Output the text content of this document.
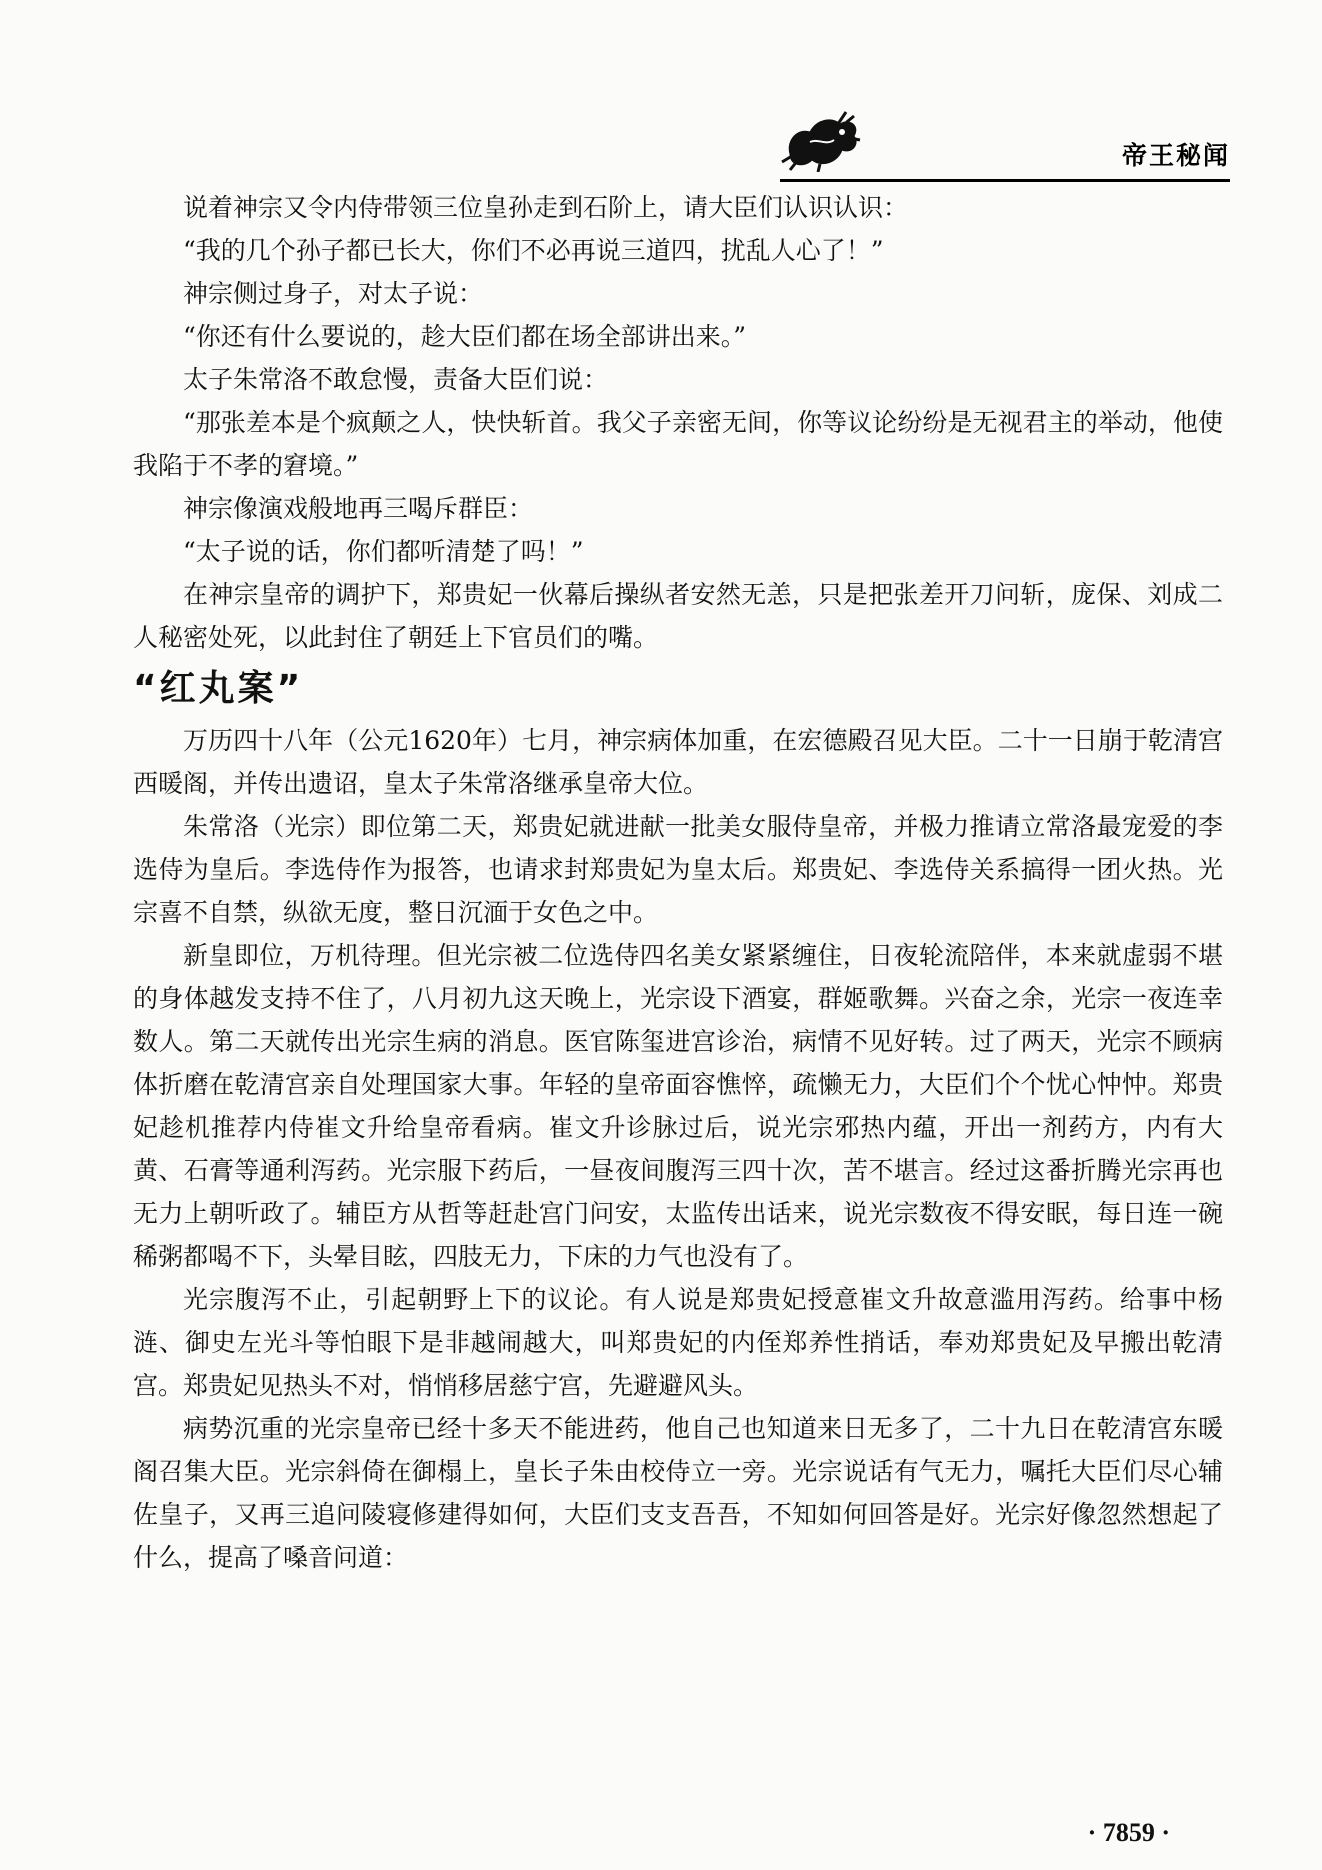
帝王秘闻

说着神宗又令内侍带领三位皇孙走到石阶上，请大臣们认识认识：

“我的几个孙子都已长大，你们不必再说三道四，扰乱人心了！”

神宗侧过身子，对太子说：

“你还有什么要说的，趁大臣们都在场全部讲出来。”

太子朱常洛不敢怠慢，责备大臣们说：

“那张差本是个疯颠之人，快快斩首。我父子亲密无间，你等议论纷纷是无视君主的举动，他使我陷于不孝的窘境。”

神宗像演戏般地再三喝斥群臣：

“太子说的话，你们都听清楚了吗！”

在神宗皇帝的调护下，郑贵妃一伙幕后操纵者安然无恙，只是把张差开刀问斩，庞保、刘成二人秘密处死，以此封住了朝廷上下官员们的嘴。

“红丸案”

万历四十八年（公元1620年）七月，神宗病体加重，在宏德殿召见大臣。二十一日崩于乾清宫西暖阁，并传出遗诏，皇太子朱常洛继承皇帝大位。

朱常洛（光宗）即位第二天，郑贵妃就进献一批美女服侍皇帝，并极力推请立常洛最宠爱的李选侍为皇后。李选侍作为报答，也请求封郑贵妃为皇太后。郑贵妃、李选侍关系搞得一团火热。光宗喜不自禁，纵欲无度，整日沉湎于女色之中。

新皇即位，万机待理。但光宗被二位选侍四名美女紧紧缠住，日夜轮流陪伴，本来就虚弱不堪的身体越发支持不住了，八月初九这天晚上，光宗设下酒宴，群姬歌舞。兴奋之余，光宗一夜连幸数人。第二天就传出光宗生病的消息。医官陈玺进宫诊治，病情不见好转。过了两天，光宗不顾病体折磨在乾清宫亲自处理国家大事。年轻的皇帝面容憔悴，疏懒无力，大臣们个个忧心忡忡。郑贵妃趁机推荐内侍崔文升给皇帝看病。崔文升诊脉过后，说光宗邪热内蕴，开出一剂药方，内有大黄、石膏等通利泻药。光宗服下药后，一昼夜间腹泻三四十次，苦不堪言。经过这番折腾光宗再也无力上朝听政了。辅臣方从哲等赶赴宫门问安，太监传出话来，说光宗数夜不得安眠，每日连一碗稀粥都喝不下，头晕目眩，四肢无力，下床的力气也没有了。

光宗腹泻不止，引起朝野上下的议论。有人说是郑贵妃授意崔文升故意滥用泻药。给事中杨涟、御史左光斗等怕眼下是非越闹越大，叫郑贵妃的内侄郑养性捎话，奉劝郑贵妃及早搬出乾清宫。郑贵妃见热头不对，悄悄移居慈宁宫，先避避风头。

病势沉重的光宗皇帝已经十多天不能进药，他自己也知道来日无多了，二十九日在乾清宫东暖阁召集大臣。光宗斜倚在御榻上，皇长子朱由校侍立一旁。光宗说话有气无力，嘱托大臣们尽心辅佐皇子，又再三追问陵寝修建得如何，大臣们支支吾吾，不知如何回答是好。光宗好像忽然想起了什么，提高了嗓音问道：

· 7859 ·
